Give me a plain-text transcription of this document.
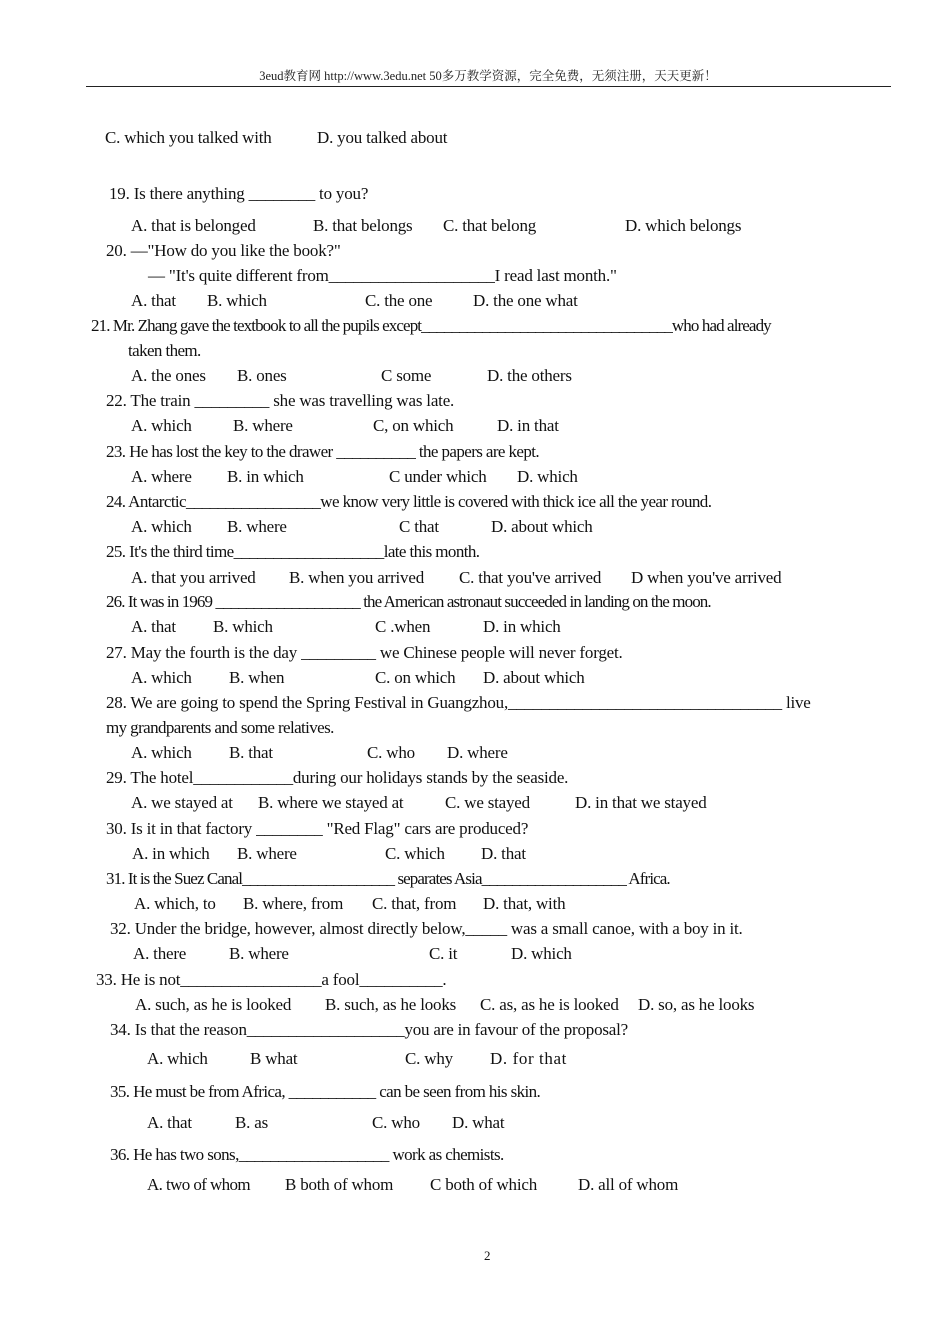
3eud教育网 http://www.3edu.net 50多万教学资源，完全免费，无须注册，天天更新！
C. which you talked with	D. you talked about
19. Is there anything ________ to you?
A. that is belonged	B. that belongs C. that belong	D. which belongs
20. —"How do you like the book?"
— "It's quite different from____________________I read last month."
A. that B. which	C. the one D. the one what
21. Mr. Zhang gave the textbook to all the pupils except_________________________________who had already
taken them.
A. the ones B. ones	C some	D. the others
22. The train _________ she was travelling was late.
A. which B. where	C, on which	D. in that
23. He has lost the key to the drawer __________ the papers are kept.
A. where B. in which	C under which D. which
24. Antarctic_________________we know very little is covered with thick ice all the year round.
A. which B. where	C that	D. about which
25. It's the third time___________________late this month.
A. that you arrived B. when you arrived C. that you've arrived D when you've arrived
26. It was in 1969 ___________________ the American astronaut succeeded in landing on the moon.
A. that B. which	C .when	D. in which
27. May the fourth is the day _________ we Chinese people will never forget.
A. which B. when	C. on which D. about which
28. We are going to spend the Spring Festival in Guangzhou,_________________________________ live
my grandparents and some relatives.
A. which B. that	C. who D. where
29. The hotel____________during our holidays stands by the seaside.
A. we stayed at B. where we stayed at C. we stayed	D. in that we stayed
30. Is it in that factory ________ "Red Flag" cars are produced?
A. in which B. where	C. which D. that
31. It is the Suez Canal____________________ separates Asia___________________ Africa.
A. which, to B. where, from C. that, from D. that, with
32. Under the bridge, however, almost directly below,_____ was a small canoe, with a boy in it.
A. there	B. where	C. it	D. which
33. He is not_________________a fool__________.
A. such, as he is looked B. such, as he looks C. as, as he is looked D. so, as he looks
34. Is that the reason___________________you are in favour of the proposal?
A. which B what	C. why D. for that
35. He must be from Africa, ___________ can be seen from his skin.
A. that	B. as	C. who D. what
36. He has two sons,___________________ work as chemists.
A. two of whom B both of whom C both of which D. all of whom
2
